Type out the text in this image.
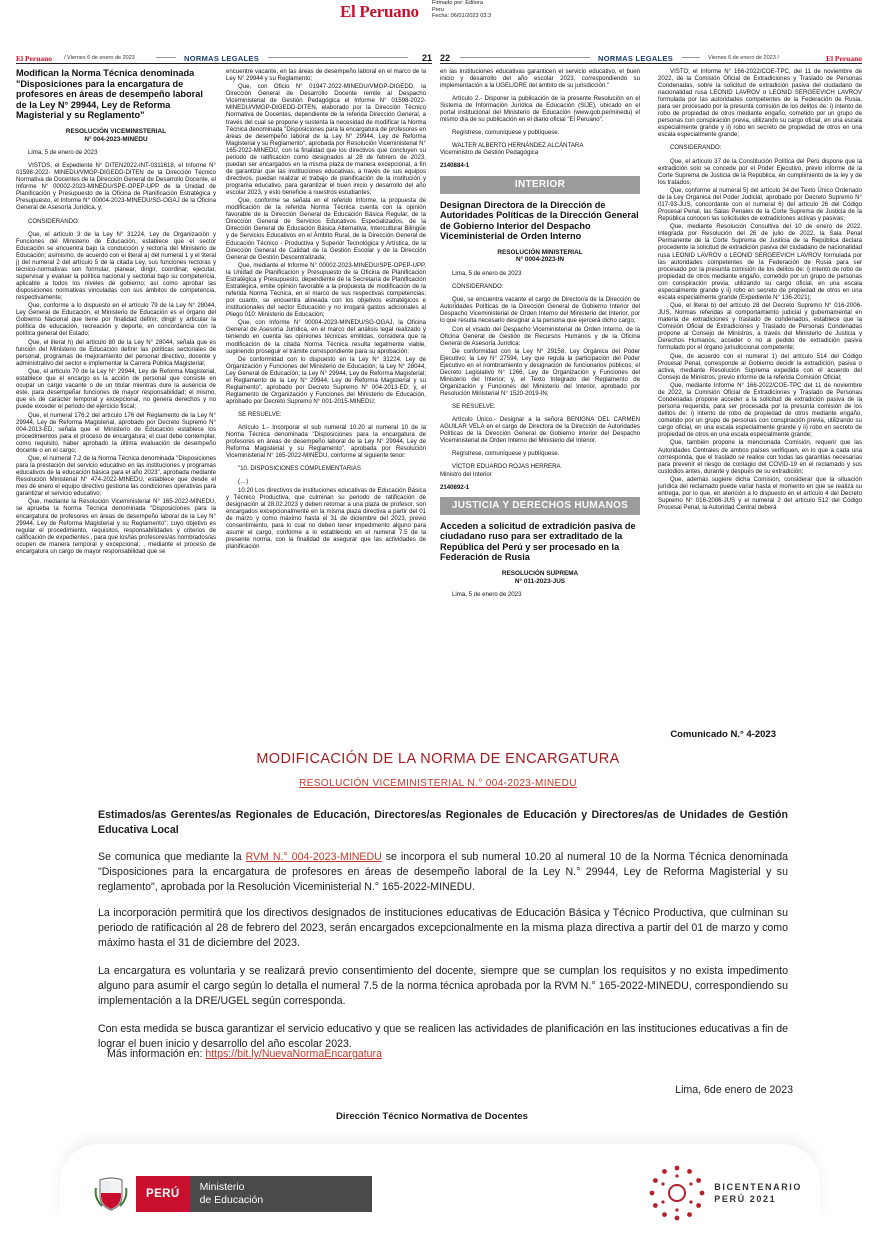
El Peruano Firmado por: Editora
Peru
Fecha: 06/01/2023 03:3
El Peruano / Viernes 6 de enero de 2023	NORMAS LEGALES	21
Modifican la Norma Técnica denominada "Disposiciones para la encargatura de profesores en áreas de desempeño laboral de la Ley N° 29944, Ley de Reforma Magisterial y su Reglamento"
RESOLUCIÓN VICEMINISTERIAL
N° 004-2023-MINEDU

Lima, 5 de enero de 2023

VISTOS, el Expediente N° DITEN2022-INT-0311618, el Informe N° 01598-2022- MINEDU/VMGP-DIGEDD-DITEN de la Dirección Técnico Normativa de Docentes de la Dirección General de Desarrollo Docente, el Informe N° 00002-2023-MINEDU/SPE-OPEP-UPP de la Unidad de Planificación y Presupuesto de la Oficina de Planificación Estratégica y Presupuesto, el Informe N° 00004-2023-MINEDU/SG-OGAJ de la Oficina General de Asesoría Jurídica, y;

CONSIDERANDO:

Que, el artículo 3 de la Ley N° 31224, Ley de Organización y Funciones del Ministerio de Educación, establece que el sector Educación se encuentra bajo la conducción y rectoría del Ministerio de Educación; asimismo, de acuerdo con el literal a) del numeral 1 y el literal j) del numeral 2 del artículo 5 de la citada Ley, sus funciones rectoras y técnico-normativas son formular, planear, dirigir, coordinar, ejecutar, supervisar y evaluar la política nacional y sectorial bajo su competencia, aplicable a todos los niveles de gobierno; así como aprobar las disposiciones normativas vinculadas con sus ámbitos de competencia, respectivamente;

Que, conforme a lo dispuesto en el artículo 79 de la Ley N° 28044, Ley General de Educación, el Ministerio de Educación es el órgano del Gobierno Nacional que tiene por finalidad definir, dirigir y articular la política de educación, recreación y deporte, en concordancia con la política general del Estado;

Que, el literal h) del artículo 80 de la Ley N° 28044, señala que es función del Ministerio de Educación definir las políticas sectoriales de personal, programas de mejoramiento del personal directivo, docente y administrativo del sector e implementar la Carrera Pública Magisterial;

Que, el artículo 70 de la Ley N° 29944, Ley de Reforma Magisterial, establece que el encargo es la acción de personal que consiste en ocupar un cargo vacante o de un titular mientras dure la ausencia de este, para desempeñar funciones de mayor responsabilidad; el mismo, que es de carácter temporal y excepcional, no genera derechos y no puede exceder el periodo del ejercicio fiscal;

Que, el numeral 176.2 del artículo 176 del Reglamento de la Ley N° 29944, Ley de Reforma Magisterial, aprobado por Decreto Supremo N° 004-2013-ED, señala que el Ministerio de Educación establece los procedimientos para el proceso de encargatura; el cual debe contemplar, como requisito, haber aprobado la última evaluación de desempeño docente o en el cargo;

Que, el numeral 7.2 de la Norma Técnica denominada "Disposiciones para la prestación del servicio educativo en las instituciones y programas educativos de la educación básica para el año 2023", aprobada mediante Resolución Ministerial N° 474-2022-MINEDU, establece que desde el mes de enero el equipo directivo gestiona las condiciones operativas para garantizar el servicio educativo;

Que, mediante la Resolución Viceministerial N° 165-2022-MINEDU, se aprueba la Norma Técnica denominada "Disposiciones para la encargatura de profesores en áreas de desempeño laboral de la Ley N° 29944, Ley de Reforma Magisterial y su Reglamento"; cuyo objetivo es regular el procedimiento, requisitos, responsabilidades y criterios de calificación de expedientes , para que los/las profesores/as nombrados/as ocupen de manera temporal y excepcional, , mediante el proceso de encargatura un cargo de mayor responsabilidad que se

encuentre vacante, en las áreas de desempeño laboral en el marco de la Ley N° 29944 y su Reglamento;

Que, con Oficio N° 01947-2022-MINEDU/VMGP-DIGEDD, la Dirección General de Desarrollo Docente remite al Despacho Viceministerial de Gestión Pedagógica el Informe N° 01598-2022-MINEDU/VMGP-DIGEDD-DITEN, elaborado por la Dirección Técnico Normativa de Docentes, dependiente de la referida Dirección General, a través del cual se propone y sustenta la necesidad de modificar la Norma Técnica denominada "Disposiciones para la encargatura de profesores en áreas de desempeño laboral de la Ley N° 29944, Ley de Reforma Magisterial y su Reglamento", aprobada por Resolución Viceministerial N° 165-2022-MINEDU, con la finalidad que los directivos que concluyen su periodo de ratificación como designados al 28 de febrero de 2023, puedan ser encargados en la misma plaza de manera excepcional, a fin de garantizar que las instituciones educativas, a través de sus equipos directivos, puedan realizar el trabajo de planificación de la institución y programa educativo, para garantizar el buen inicio y desarrollo del año escolar 2023, y esto beneficie a nuestros estudiantes;

Que, conforme se señala en el referido Informe, la propuesta de modificación de la referida Norma Técnica cuenta con la opinión favorable de la Dirección General de Educación Básica Regular, de la Dirección General de Servicios Educativos Especializados, de la Dirección General de Educación Básica Alternativa, Intercultural Bilingüe y de Servicios Educativos en el Ámbito Rural, de la Dirección General de Educación Técnico - Productiva y Superior Tecnológica y Artística, de la Dirección General de Calidad de la Gestión Escolar y de la Dirección General de Gestión Descentralizada;

Que, mediante el Informe N° 00002-2023-MINEDU/SPE-OPEP-UPP, la Unidad de Planificación y Presupuesto de la Oficina de Planificación Estratégica y Presupuesto, dependiente de la Secretaría de Planificación Estratégica, emite opinión favorable a la propuesta de modificación de la referida Norma Técnica, en el marco de sus respectivas competencias; por cuanto, se encuentra alineada con los objetivos estratégicos e institucionales del sector Educación y no irrogará gastos adicionales al Pliego 010: Ministerio de Educación;

Que, con Informe N° 00004-2023-MINEDU/SG-OGAJ, la Oficina General de Asesoría Jurídica, en el marco del análisis legal realizado y teniendo en cuenta las opiniones técnicas emitidas, considera que la modificación de la citada Norma Técnica resulta legalmente viable, sugiriendo proseguir el trámite correspondiente para su aprobación;

De conformidad con lo dispuesto en la Ley N° 31224, Ley de Organización y Funciones del Ministerio de Educación; la Ley N° 28044, Ley General de Educación; la Ley N° 29944, Ley de Reforma Magisterial; el Reglamento de la Ley N° 29944, Ley de Reforma Magisterial y su Reglamento", aprobado por Decreto Supremo N° 004-2013-ED; y, el Reglamento de Organización y Funciones del Ministerio de Educación, aprobado por Decreto Supremo N° 001-2015-MINEDU;

SE RESUELVE:

Artículo 1.- Incorporar el sub numeral 10.20 al numeral 10 de la Norma Técnica denominada "Disposiciones para la encargatura de profesores en áreas de desempeño laboral de la Ley N° 29944, Ley de Reforma Magisterial y su Reglamento", aprobada por Resolución Viceministerial N° 165-2022-MINEDU, conforme al siguiente tenor:

"10. DISPOSICIONES COMPLEMENTARIAS

(…)

10.20 Los directivos de instituciones educativas de Educación Básica y Técnico Productiva, que culminan su periodo de ratificación de designación al 28.02.2023 y deben retornar a una plaza de profesor, son encargados excepcionalmente en la misma plaza directiva a partir del 01 de marzo y como máximo hasta el 31 de diciembre del 2023, previo consentimiento, para lo cual no deben tener impedimento alguno para asumir el cargo, conforme a lo establecido en el numeral 7.5 de la presente norma, con la finalidad de asegurar que las actividades de planificación

22	NORMAS LEGALES	Viernes 6 de enero de 2023 /	El Peruano

en las instituciones educativas garanticen el servicio educativo, el buen inicio y desarrollo del año escolar 2023, correspondiendo su implementación a la UGEL/DRE del ámbito de su jurisdicción."

Artículo 2.- Disponer la publicación de la presente Resolución en el Sistema de Información Jurídica de Educación (SIJE), ubicado en el portal institucional del Ministerio de Educación (www.gob.pe/minedu) el mismo día de su publicación en el diario oficial "El Peruano".

Regístrese, comuníquese y publíquese.

WALTER ALBERTO HERNÁNDEZ ALCÁNTARA
Viceministro de Gestión Pedagógica

2140884-1

INTERIOR
Designan Directora de la Dirección de Autoridades Políticas de la Dirección General de Gobierno Interior del Despacho Viceministerial de Orden Interno
RESOLUCIÓN MINISTERIAL
N° 0004-2023-IN

Lima, 5 de enero de 2023

CONSIDERANDO:

Que, se encuentra vacante el cargo de Director/a de la Dirección de Autoridades Políticas de la Dirección General de Gobierno Interior del Despacho Viceministerial de Orden Interno del Ministerio del Interior, por lo que resulta necesario designar a la persona que ejercerá dicho cargo;

Con el visado del Despacho Viceministerial de Orden Interno, de la Oficina General de Gestión de Recursos Humanos y de la Oficina General de Asesoría Jurídica;

De conformidad con la Ley N° 29158, Ley Orgánica del Poder Ejecutivo; la Ley N° 27594, Ley que regula la participación del Poder Ejecutivo en el nombramiento y designación de funcionarios públicos; el Decreto Legislativo N° 1266, Ley de Organización y Funciones del Ministerio del Interior; y, el Texto Integrado del Reglamento de Organización y Funciones del Ministerio del Interior, aprobado por Resolución Ministerial N° 1520-2019-IN;

SE RESUELVE:

Artículo Único.- Designar a la señora BENIGNA DEL CARMEN AGUILAR VELA en el cargo de Directora de la Dirección de Autoridades Políticas de la Dirección General de Gobierno Interior del Despacho Viceministerial de Orden Interno del Ministerio del Interior.

Regístrese, comuníquese y publíquese.

VÍCTOR EDUARDO ROJAS HERRERA
Ministro del Interior

2140892-1

JUSTICIA Y DERECHOS HUMANOS
Acceden a solicitud de extradición pasiva de ciudadano ruso para ser extraditado de la República del Perú y ser procesado en la Federación de Rusia
RESOLUCIÓN SUPREMA
N° 011-2023-JUS

Lima, 5 de enero de 2023

VISTO; el Informe N° 166-2022/COE-TPC, del 11 de noviembre de 2022, de la Comisión Oficial de Extradiciones y Traslado de Personas Condenadas, sobre la solicitud de extradición pasiva del ciudadano de nacionalidad rusa LEONID LAVROV o LEONID SERGEEVICH LAVROV formulada por las autoridades competentes de la Federación de Rusia, para ser procesado por la presunta comisión de los delitos de: i) intento de robo de propiedad de otros mediante engaño, cometido por un grupo de personas con conspiración previa, utilizando su cargo oficial, en una escala especialmente grande y ii) robo en secreto de propiedad de otros en una escala especialmente grande;

CONSIDERANDO:

Que, el artículo 37 de la Constitución Política del Perú dispone que la extradición solo se concede por el Poder Ejecutivo, previo informe de la Corte Suprema de Justicia de la República, en cumplimiento de la ley y de los tratados;

Que, conforme al numeral 5) del artículo 34 del Texto Único Ordenado de la Ley Orgánica del Poder Judicial, aprobado por Decreto Supremo N° 017-93-JUS, concordante con el numeral 6) del artículo 26 del Código Procesal Penal, las Salas Penales de la Corte Suprema de Justicia de la República conocen las solicitudes de extradiciones activas y pasivas;

Que, mediante Resolución Consultiva del 10 de enero de 2022, integrada por Resolución del 26 de julio de 2022, la Sala Penal Permanente de la Corte Suprema de Justicia de la República declara procedente la solicitud de extradición pasiva del ciudadano de nacionalidad rusa LEONID LAVROV o LEONID SERGEEVICH LAVROV formulada por las autoridades competentes de la Federación de Rusia para ser procesado por la presunta comisión de los delitos de: i) intento de robo de propiedad de otros mediante engaño, cometido por un grupo de personas con conspiración previa, utilizando su cargo oficial, en una escala especialmente grande y ii) robo en secreto de propiedad de otros en una escala especialmente grande (Expediente N° 136-2021);

Que, el literal b) del artículo 28 del Decreto Supremo N° 016-2006-JUS, Normas referidas al comportamiento judicial y gubernamental en materia de extradiciones y traslado de condenados, establece que la Comisión Oficial de Extradiciones y Traslado de Personas Condenadas propone al Consejo de Ministros, a través del Ministerio de Justicia y Derechos Humanos, acceder o no al pedido de extradición pasiva formulado por el órgano jurisdiccional competente;

Que, de acuerdo con el numeral 1) del artículo 514 del Código Procesal Penal, corresponde al Gobierno decidir la extradición, pasiva o activa, mediante Resolución Suprema expedida con el acuerdo del Consejo de Ministros, previo informe de la referida Comisión Oficial;

Que, mediante Informe N° 166-2022/COE-TPC del 11 de noviembre de 2022, la Comisión Oficial de Extradiciones y Traslado de Personas Condenadas propone acceder a la solicitud de extradición pasiva de la persona requerida, para ser procesada por la presunta comisión de los delitos de: i) intento de robo de propiedad de otros mediante engaño, cometido por un grupo de personas con conspiración previa, utilizando su cargo oficial, en una escala especialmente grande y ii) robo en secreto de propiedad de otros en una escala especialmente grande;

Que, también propone la mencionada Comisión, requerir que las Autoridades Centrales de ambos países verifiquen, en lo que a cada una corresponda, que el traslado se realice con todas las garantías necesarias para prevenir el riesgo de contagio del COVID-19 en el reclamado y sus custodios antes, durante y después de su extradición;

Que, además sugiere dicha Comisión, considerar que la situación jurídica del reclamado puede variar hasta el momento en que se realiza su entrega, por lo que, en atención a lo dispuesto en el artículo 4 del Decreto Supremo N° 016-2006-JUS y el numeral 2 del artículo 512 del Código Procesal Penal, la Autoridad Central deberá

Comunicado N.° 4-2023
MODIFICACIÓN DE LA NORMA DE ENCARGATURA
RESOLUCIÓN VICEMINISTERIAL N.° 004-2023-MINEDU
Estimados/as Gerentes/as Regionales de Educación, Directores/as Regionales de Educación y Directores/as de Unidades de Gestión Educativa Local
Se comunica que mediante la RVM N.° 004-2023-MINEDU se incorpora el sub numeral 10.20 al numeral 10 de la Norma Técnica denominada "Disposiciones para la encargatura de profesores en áreas de desempeño laboral de la Ley N.° 29944, Ley de Reforma Magisterial y su reglamento", aprobada por la Resolución Viceministerial N.° 165-2022-MINEDU.
La incorporación permitirá que los directivos designados de instituciones educativas de Educación Básica y Técnico Productiva, que culminan su periodo de ratificación al 28 de febrero del 2023, serán encargados excepcionalmente en la misma plaza directiva a partir del 01 de marzo y como máximo hasta el 31 de diciembre del 2023.
La encargatura es voluntaria y se realizará previo consentimiento del docente, siempre que se cumplan los requisitos y no exista impedimento alguno para asumir el cargo según lo detalla el numeral 7.5 de la norma técnica aprobada por la RVM N.° 165-2022-MINEDU, correspondiendo su implementación a la DRE/UGEL según corresponda.
Con esta medida se busca garantizar el servicio educativo y que se realicen las actividades de planificación en las instituciones educativas a fin de lograr el buen inicio y desarrollo del año escolar 2023.
Más información en: https://bit.ly/NuevaNormaEncargatura
Lima, 6de enero de 2023
Dirección Técnico Normativa de Docentes
PERÚ
Ministerio
de Educación
BICENTENARIO
PERÚ 2021
